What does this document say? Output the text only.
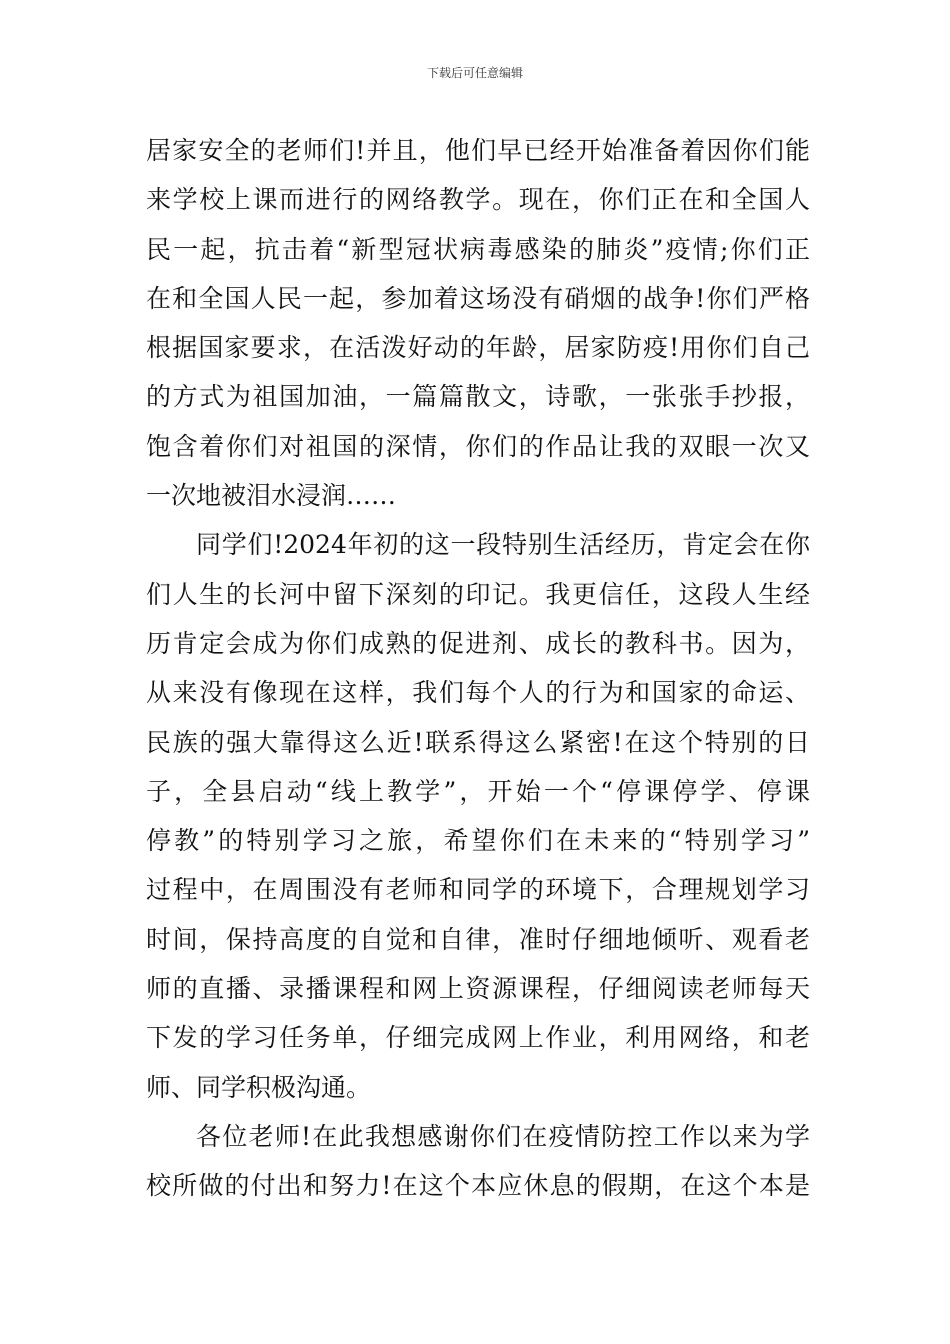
下载后可任意编辑
居家安全的老师们!并且，他们早已经开始准备着因你们能
来学校上课而进行的网络教学。现在，你们正在和全国人
民一起，抗击着“新型冠状病毒感染的肺炎”疫情;你们正
在和全国人民一起，参加着这场没有硝烟的战争!你们严格
根据国家要求，在活泼好动的年龄，居家防疫!用你们自己
的方式为祖国加油，一篇篇散文，诗歌，一张张手抄报，
饱含着你们对祖国的深情，你们的作品让我的双眼一次又
一次地被泪水浸润……
同学们!2024年初的这一段特别生活经历，肯定会在你
们人生的长河中留下深刻的印记。我更信任，这段人生经
历肯定会成为你们成熟的促进剂、成长的教科书。因为，
从来没有像现在这样，我们每个人的行为和国家的命运、
民族的强大靠得这么近!联系得这么紧密!在这个特别的日
子，全县启动“线上教学”，开始一个“停课停学、停课
停教”的特别学习之旅，希望你们在未来的“特别学习”
过程中，在周围没有老师和同学的环境下，合理规划学习
时间，保持高度的自觉和自律，准时仔细地倾听、观看老
师的直播、录播课程和网上资源课程，仔细阅读老师每天
下发的学习任务单，仔细完成网上作业，利用网络，和老
师、同学积极沟通。
各位老师!在此我想感谢你们在疫情防控工作以来为学
校所做的付出和努力!在这个本应休息的假期，在这个本是
